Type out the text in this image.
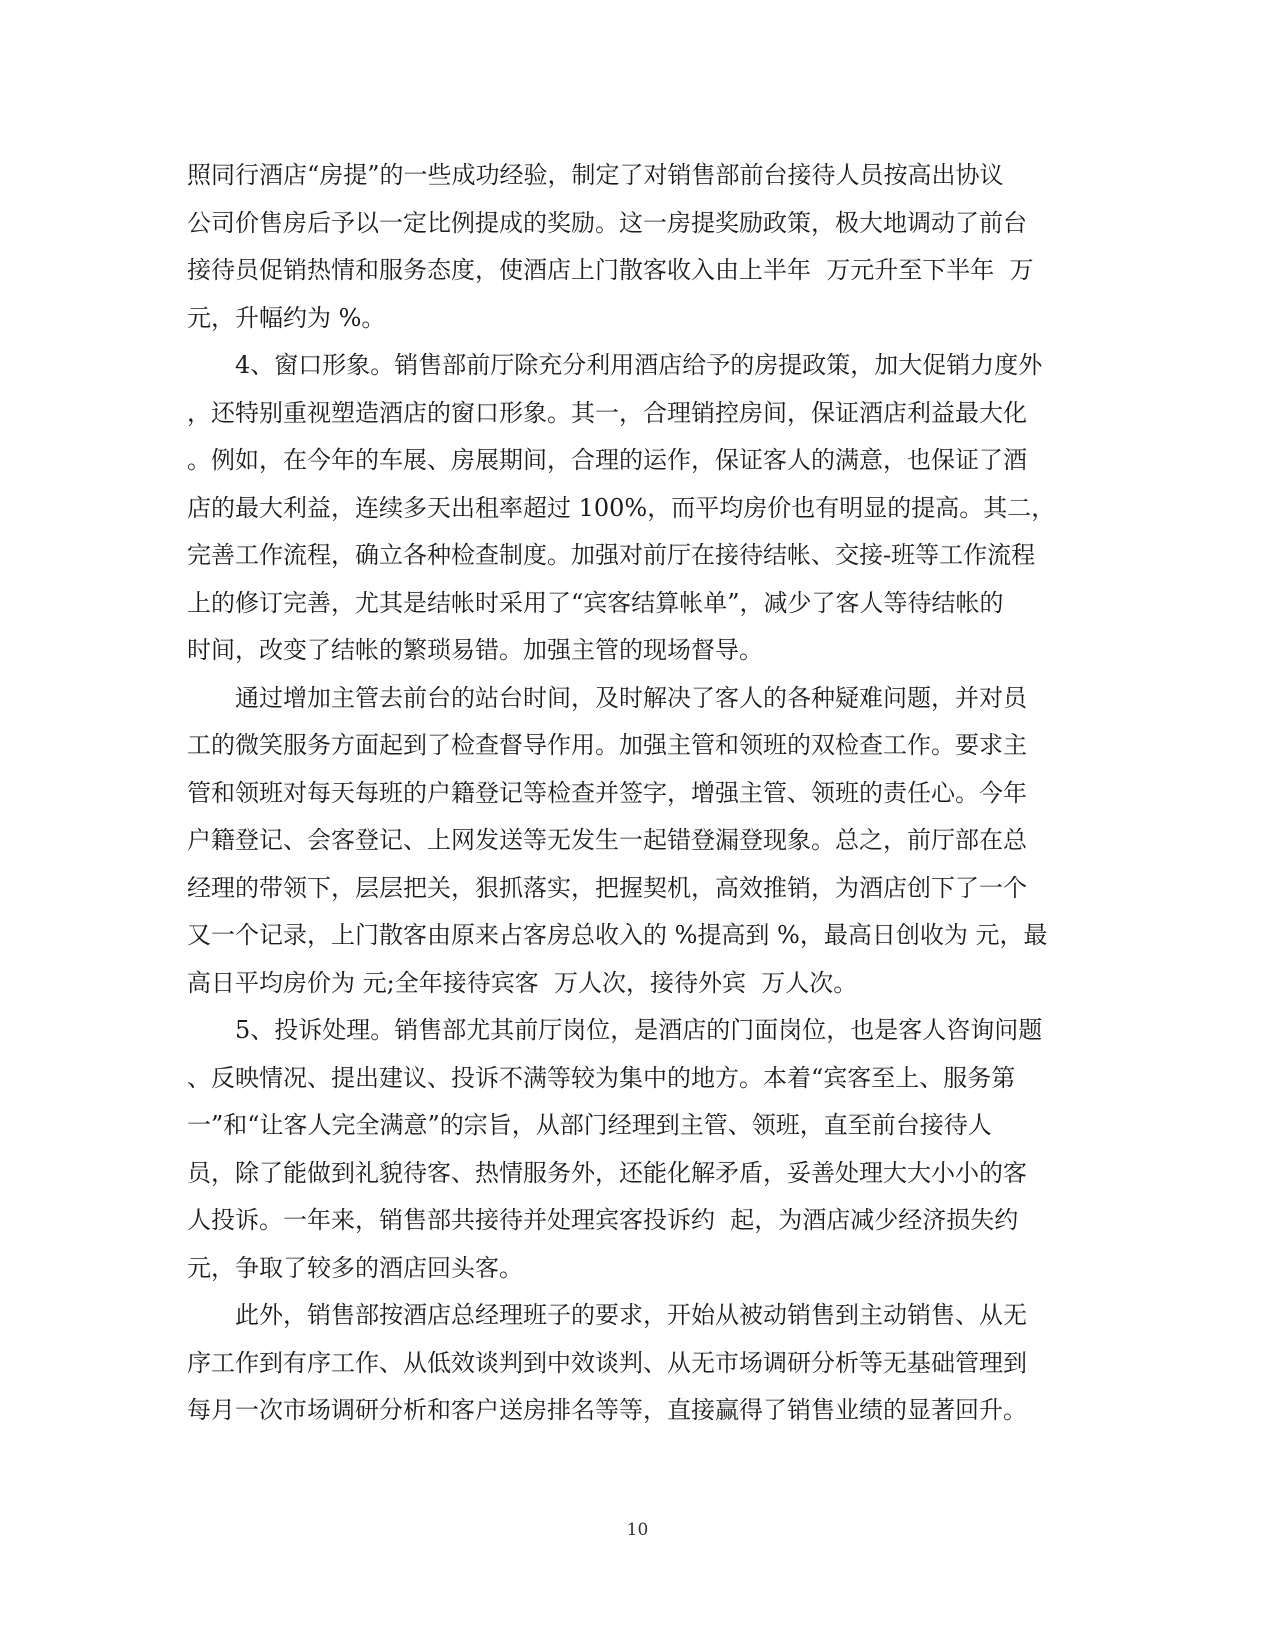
照同行酒店“房提”的一些成功经验，制定了对销售部前台接待人员按高出协议
公司价售房后予以一定比例提成的奖励。这一房提奖励政策，极大地调动了前台
接待员促销热情和服务态度，使酒店上门散客收入由上半年  万元升至下半年  万
元，升幅约为 %。
4、窗口形象。销售部前厅除充分利用酒店给予的房提政策，加大促销力度外
，还特别重视塑造酒店的窗口形象。其一，合理销控房间，保证酒店利益最大化
。例如，在今年的车展、房展期间，合理的运作，保证客人的满意，也保证了酒
店的最大利益，连续多天出租率超过 100%，而平均房价也有明显的提高。其二，
完善工作流程，确立各种检查制度。加强对前厅在接待结帐、交接-班等工作流程
上的修订完善，尤其是结帐时采用了“宾客结算帐单”，减少了客人等待结帐的
时间，改变了结帐的繁琐易错。加强主管的现场督导。
通过增加主管去前台的站台时间，及时解决了客人的各种疑难问题，并对员
工的微笑服务方面起到了检查督导作用。加强主管和领班的双检查工作。要求主
管和领班对每天每班的户籍登记等检查并签字，增强主管、领班的责任心。今年
户籍登记、会客登记、上网发送等无发生一起错登漏登现象。总之，前厅部在总
经理的带领下，层层把关，狠抓落实，把握契机，高效推销，为酒店创下了一个
又一个记录，上门散客由原来占客房总收入的 %提高到 %，最高日创收为 元，最
高日平均房价为 元;全年接待宾客  万人次，接待外宾  万人次。
5、投诉处理。销售部尤其前厅岗位，是酒店的门面岗位，也是客人咨询问题
、反映情况、提出建议、投诉不满等较为集中的地方。本着“宾客至上、服务第
一”和“让客人完全满意”的宗旨，从部门经理到主管、领班，直至前台接待人
员，除了能做到礼貌待客、热情服务外，还能化解矛盾，妥善处理大大小小的客
人投诉。一年来，销售部共接待并处理宾客投诉约  起，为酒店减少经济损失约
元，争取了较多的酒店回头客。
此外，销售部按酒店总经理班子的要求，开始从被动销售到主动销售、从无
序工作到有序工作、从低效谈判到中效谈判、从无市场调研分析等无基础管理到
每月一次市场调研分析和客户送房排名等等，直接赢得了销售业绩的显著回升。
10
